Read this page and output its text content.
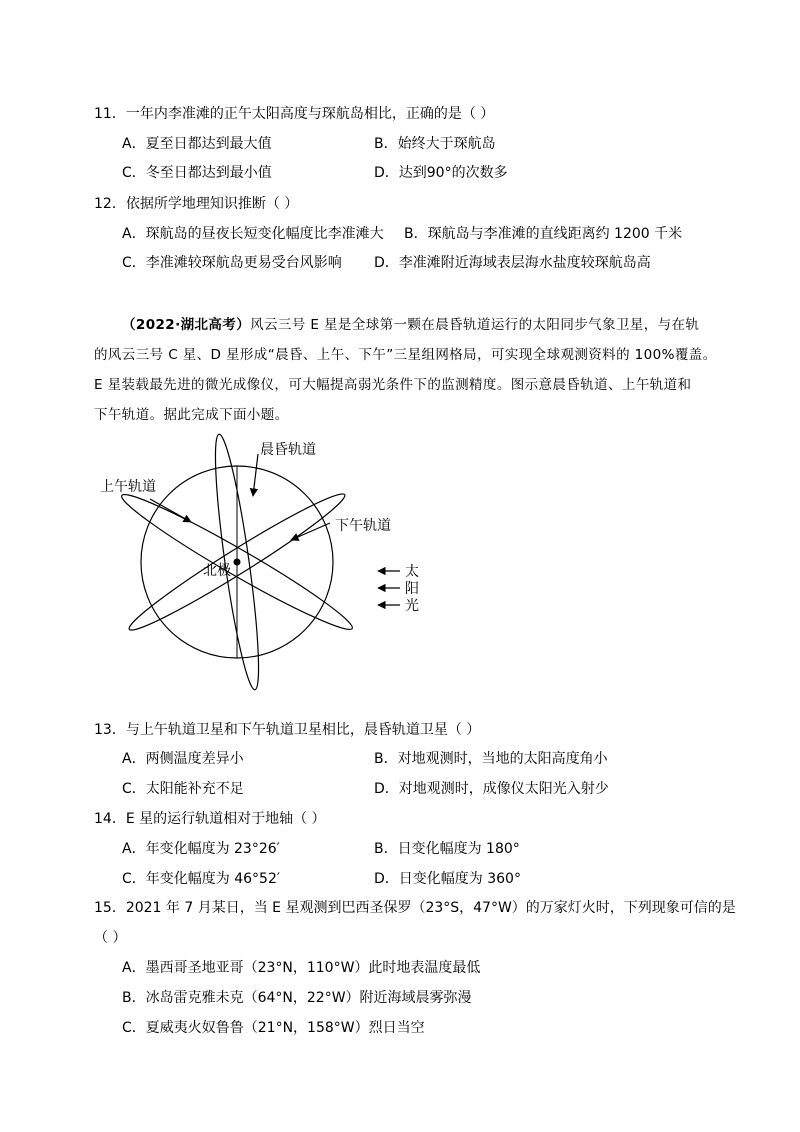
11．一年内李准滩的正午太阳高度与琛航岛相比，正确的是（ ）
A．夏至日都达到最大值	B．始终大于琛航岛
C．冬至日都达到最小值	D．达到90°的次数多
12．依据所学地理知识推断（ ）
A．琛航岛的昼夜长短变化幅度比李准滩大 B．琛航岛与李准滩的直线距离约 1200 千米
C．李准滩较琛航岛更易受台风影响 D．李准滩附近海域表层海水盐度较琛航岛高
（2022·湖北高考）风云三号 E 星是全球第一颗在晨昏轨道运行的太阳同步气象卫星，与在轨
的风云三号 C 星、D 星形成“晨昏、上午、下午”三星组网格局，可实现全球观测资料的 100%覆盖。
E 星装载最先进的微光成像仪，可大幅提高弱光条件下的监测精度。图示意晨昏轨道、上午轨道和
下午轨道。据此完成下面小题。
晨昏轨道
上午轨道
下午轨道
北极	太
阳
光
13．与上午轨道卫星和下午轨道卫星相比，晨昏轨道卫星（ ）
A．两侧温度差异小	B．对地观测时，当地的太阳高度角小
C．太阳能补充不足	D．对地观测时，成像仪太阳光入射少
14．E 星的运行轨道相对于地轴（ ）
A．年变化幅度为 23°26′	B．日变化幅度为 180°
C．年变化幅度为 46°52′	D．日变化幅度为 360°
15．2021 年 7 月某日，当 E 星观测到巴西圣保罗（23°S，47°W）的万家灯火时，下列现象可信的是
（ ）
A．墨西哥圣地亚哥（23°N，110°W）此时地表温度最低
B．冰岛雷克雅未克（64°N，22°W）附近海域晨雾弥漫
C．夏威夷火奴鲁鲁（21°N，158°W）烈日当空
